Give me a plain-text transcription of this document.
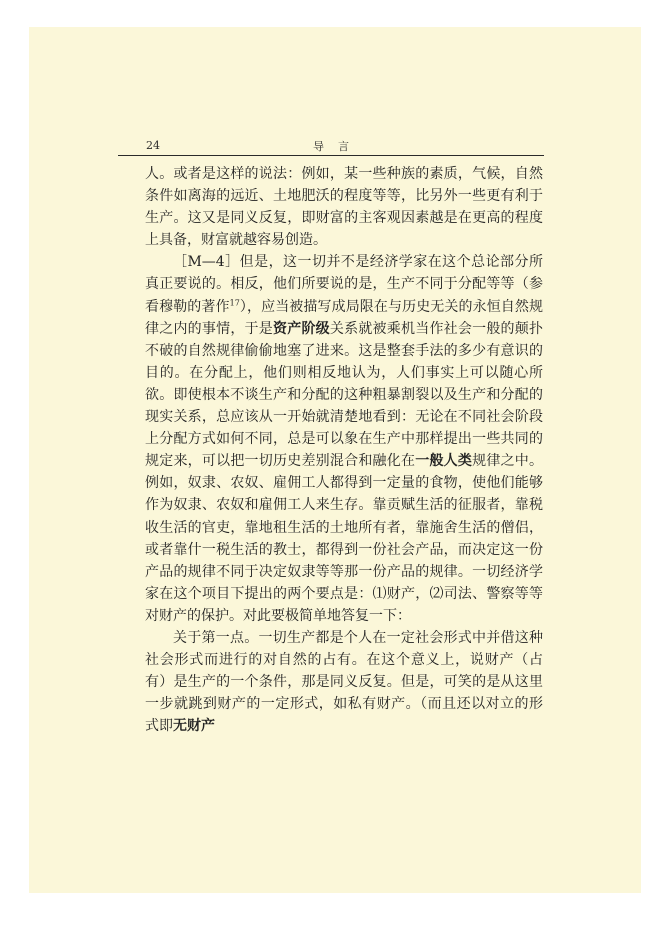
24	导言

人。或者是这样的说法：例如，某一些种族的素质，气候，自然条件如离海的远近、土地肥沃的程度等等，比另外一些更有利于生产。这又是同义反复，即财富的主客观因素越是在更高的程度上具备，财富就越容易创造。

［M—4］但是，这一切并不是经济学家在这个总论部分所真正要说的。相反，他们所要说的是，生产不同于分配等等（参看穆勒的著作$^{17}$），应当被描写成局限在与历史无关的永恒自然规律之内的事情，于是资产阶级关系就被乘机当作社会一般的颠扑不破的自然规律偷偷地塞了进来。这是整套手法的多少有意识的目的。在分配上，他们则相反地认为，人们事实上可以随心所欲。即使根本不谈生产和分配的这种粗暴割裂以及生产和分配的现实关系，总应该从一开始就清楚地看到：无论在不同社会阶段上分配方式如何不同，总是可以象在生产中那样提出一些共同的规定来，可以把一切历史差别混合和融化在一般人类规律之中。例如，奴隶、农奴、雇佣工人都得到一定量的食物，使他们能够作为奴隶、农奴和雇佣工人来生存。靠贡赋生活的征服者，靠税收生活的官吏，靠地租生活的土地所有者，靠施舍生活的僧侣，或者靠什一税生活的教士，都得到一份社会产品，而决定这一份产品的规律不同于决定奴隶等等那一份产品的规律。一切经济学家在这个项目下提出的两个要点是：⑴财产，⑵司法、警察等等对财产的保护。对此要极简单地答复一下：

关于第一点。一切生产都是个人在一定社会形式中并借这种社会形式而进行的对自然的占有。在这个意义上，说财产（占有）是生产的一个条件，那是同义反复。但是，可笑的是从这里一步就跳到财产的一定形式，如私有财产。（而且还以对立的形式即无财产
